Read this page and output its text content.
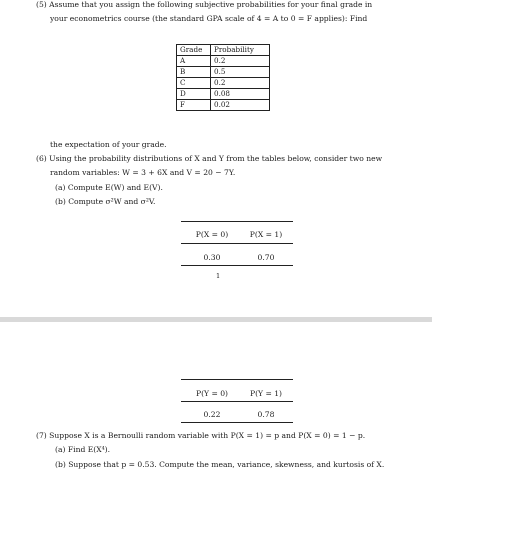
(5) Assume that you assign the following subjective probabilities for your final grade in
your econometrics course (the standard GPA scale of 4 = A to 0 = F applies): Find
Grade	Probability
A	0.2
B	0.5
C	0.2
D	0.08
F	0.02
the expectation of your grade.
(6) Using the probability distributions of X and Y from the tables below, consider two new
random variables: W = 3 + 6X and V = 20 − 7Y.
(a) Compute E(W) and E(V).
(b) Compute σ²W and σ²V.
P(X = 0)	P(X = 1)
0.30	0.70
1
P(Y = 0)	P(Y = 1)
0.22	0.78
(7) Suppose X is a Bernoulli random variable with P(X = 1) = p and P(X = 0) = 1 − p.
(a) Find E(X⁴).
(b) Suppose that p = 0.53. Compute the mean, variance, skewness, and kurtosis of X.
